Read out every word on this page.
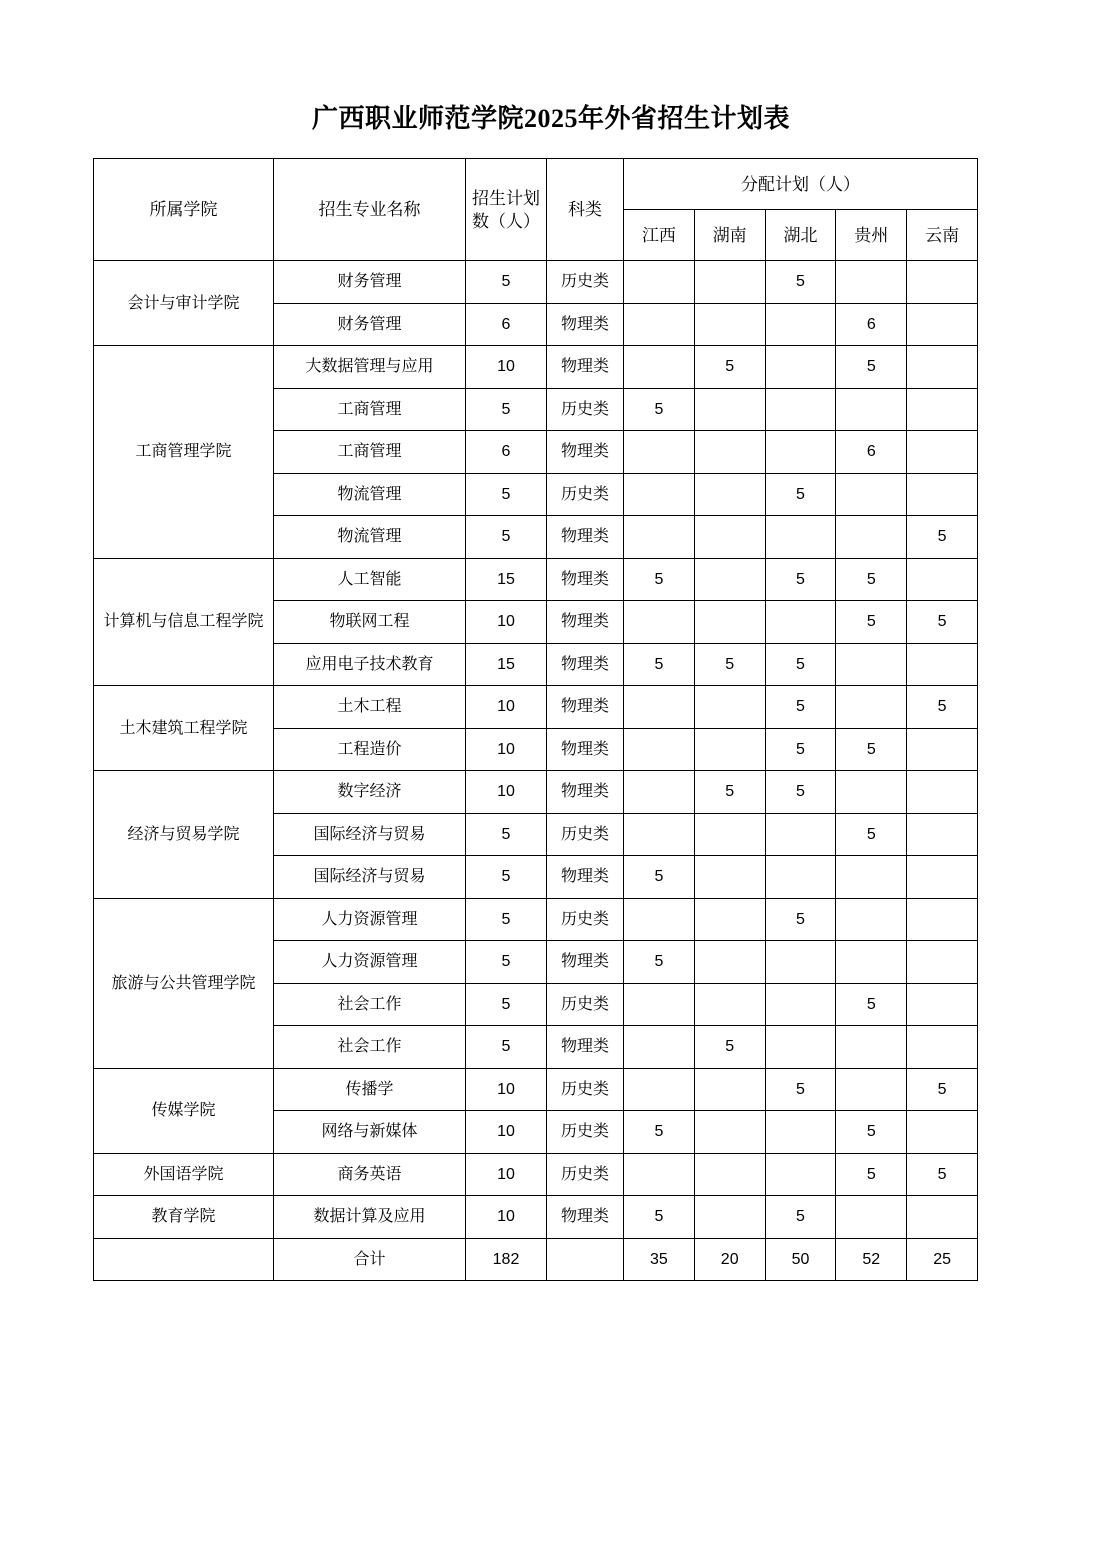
广西职业师范学院2025年外省招生计划表
所属学院	招生专业名称	招生计划数（人）	科类	分配计划（人）				
				江西	湖南	湖北	贵州	云南
会计与审计学院	财务管理	5	历史类			5		
	财务管理	6	物理类				6	
工商管理学院	大数据管理与应用	10	物理类		5		5	
	工商管理	5	历史类	5				
	工商管理	6	物理类				6	
	物流管理	5	历史类			5		
	物流管理	5	物理类					5
计算机与信息工程学院	人工智能	15	物理类	5		5	5	
	物联网工程	10	物理类				5	5
	应用电子技术教育	15	物理类	5	5	5		
土木建筑工程学院	土木工程	10	物理类			5		5
	工程造价	10	物理类			5	5	
经济与贸易学院	数字经济	10	物理类		5	5		
	国际经济与贸易	5	历史类				5	
	国际经济与贸易	5	物理类	5				
旅游与公共管理学院	人力资源管理	5	历史类			5		
	人力资源管理	5	物理类	5				
	社会工作	5	历史类				5	
	社会工作	5	物理类		5			
传媒学院	传播学	10	历史类			5		5
	网络与新媒体	10	历史类	5			5	
外国语学院	商务英语	10	历史类				5	5
教育学院	数据计算及应用	10	物理类	5		5		
	合计	182		35	20	50	52	25
